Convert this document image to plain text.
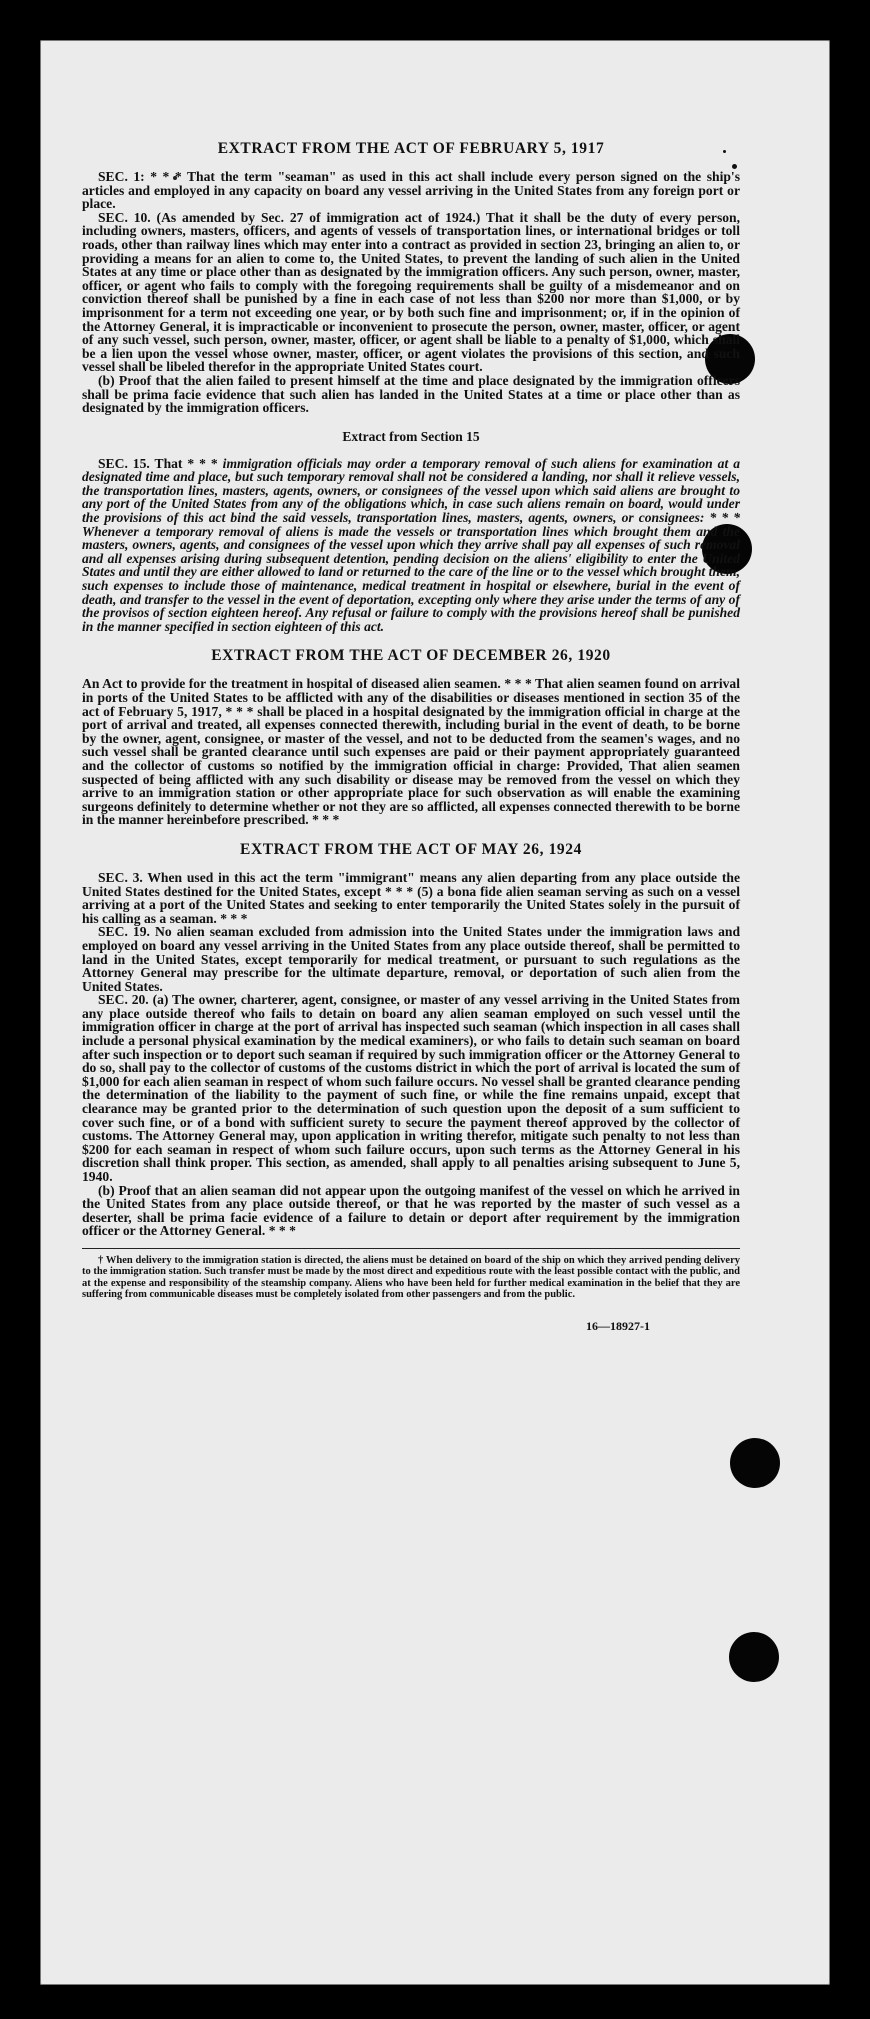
EXTRACT FROM THE ACT OF FEBRUARY 5, 1917

SEC. 1: * * * That the term "seaman" as used in this act shall include every person signed on the ship's articles and employed in any capacity on board any vessel arriving in the United States from any foreign port or place.

SEC. 10. (As amended by Sec. 27 of immigration act of 1924.) That it shall be the duty of every person, including owners, masters, officers, and agents of vessels of transportation lines, or international bridges or toll roads, other than railway lines which may enter into a contract as provided in section 23, bringing an alien to, or providing a means for an alien to come to, the United States, to prevent the landing of such alien in the United States at any time or place other than as designated by the immigration officers. Any such person, owner, master, officer, or agent who fails to comply with the foregoing requirements shall be guilty of a misdemeanor and on conviction thereof shall be punished by a fine in each case of not less than $200 nor more than $1,000, or by imprisonment for a term not exceeding one year, or by both such fine and imprisonment; or, if in the opinion of the Attorney General, it is impracticable or inconvenient to prosecute the person, owner, master, officer, or agent of any such vessel, such person, owner, master, officer, or agent shall be liable to a penalty of $1,000, which shall be a lien upon the vessel whose owner, master, officer, or agent violates the provisions of this section, and such vessel shall be libeled therefor in the appropriate United States court.

(b) Proof that the alien failed to present himself at the time and place designated by the immigration officers shall be prima facie evidence that such alien has landed in the United States at a time or place other than as designated by the immigration officers.

Extract from Section 15

SEC. 15. That * * * immigration officials may order a temporary removal of such aliens for examination at a designated time and place, but such temporary removal shall not be considered a landing, nor shall it relieve vessels, the transportation lines, masters, agents, owners, or consignees of the vessel upon which said aliens are brought to any port of the United States from any of the obligations which, in case such aliens remain on board, would under the provisions of this act bind the said vessels, transportation lines, masters, agents, owners, or consignees: * * * Whenever a temporary removal of aliens is made the vessels or transportation lines which brought them and the masters, owners, agents, and consignees of the vessel upon which they arrive shall pay all expenses of such removal and all expenses arising during subsequent detention, pending decision on the aliens' eligibility to enter the United States and until they are either allowed to land or returned to the care of the line or to the vessel which brought them, such expenses to include those of maintenance, medical treatment in hospital or elsewhere, burial in the event of death, and transfer to the vessel in the event of deportation, excepting only where they arise under the terms of any of the provisos of section eighteen hereof. Any refusal or failure to comply with the provisions hereof shall be punished in the manner specified in section eighteen of this act.

EXTRACT FROM THE ACT OF DECEMBER 26, 1920

An Act to provide for the treatment in hospital of diseased alien seamen. * * * That alien seamen found on arrival in ports of the United States to be afflicted with any of the disabilities or diseases mentioned in section 35 of the act of February 5, 1917, * * * shall be placed in a hospital designated by the immigration official in charge at the port of arrival and treated, all expenses connected therewith, including burial in the event of death, to be borne by the owner, agent, consignee, or master of the vessel, and not to be deducted from the seamen's wages, and no such vessel shall be granted clearance until such expenses are paid or their payment appropriately guaranteed and the collector of customs so notified by the immigration official in charge: Provided, That alien seamen suspected of being afflicted with any such disability or disease may be removed from the vessel on which they arrive to an immigration station or other appropriate place for such observation as will enable the examining surgeons definitely to determine whether or not they are so afflicted, all expenses connected therewith to be borne in the manner hereinbefore prescribed. * * *

EXTRACT FROM THE ACT OF MAY 26, 1924

SEC. 3. When used in this act the term "immigrant" means any alien departing from any place outside the United States destined for the United States, except * * * (5) a bona fide alien seaman serving as such on a vessel arriving at a port of the United States and seeking to enter temporarily the United States solely in the pursuit of his calling as a seaman. * * *

SEC. 19. No alien seaman excluded from admission into the United States under the immigration laws and employed on board any vessel arriving in the United States from any place outside thereof, shall be permitted to land in the United States, except temporarily for medical treatment, or pursuant to such regulations as the Attorney General may prescribe for the ultimate departure, removal, or deportation of such alien from the United States.

SEC. 20. (a) The owner, charterer, agent, consignee, or master of any vessel arriving in the United States from any place outside thereof who fails to detain on board any alien seaman employed on such vessel until the immigration officer in charge at the port of arrival has inspected such seaman (which inspection in all cases shall include a personal physical examination by the medical examiners), or who fails to detain such seaman on board after such inspection or to deport such seaman if required by such immigration officer or the Attorney General to do so, shall pay to the collector of customs of the customs district in which the port of arrival is located the sum of $1,000 for each alien seaman in respect of whom such failure occurs. No vessel shall be granted clearance pending the determination of the liability to the payment of such fine, or while the fine remains unpaid, except that clearance may be granted prior to the determination of such question upon the deposit of a sum sufficient to cover such fine, or of a bond with sufficient surety to secure the payment thereof approved by the collector of customs. The Attorney General may, upon application in writing therefor, mitigate such penalty to not less than $200 for each seaman in respect of whom such failure occurs, upon such terms as the Attorney General in his discretion shall think proper. This section, as amended, shall apply to all penalties arising subsequent to June 5, 1940.

(b) Proof that an alien seaman did not appear upon the outgoing manifest of the vessel on which he arrived in the United States from any place outside thereof, or that he was reported by the master of such vessel as a deserter, shall be prima facie evidence of a failure to detain or deport after requirement by the immigration officer or the Attorney General. * * *

† When delivery to the immigration station is directed, the aliens must be detained on board of the ship on which they arrived pending delivery to the immigration station. Such transfer must be made by the most direct and expeditious route with the least possible contact with the public, and at the expense and responsibility of the steamship company. Aliens who have been held for further medical examination in the belief that they are suffering from communicable diseases must be completely isolated from other passengers and from the public.

16—18927-1
